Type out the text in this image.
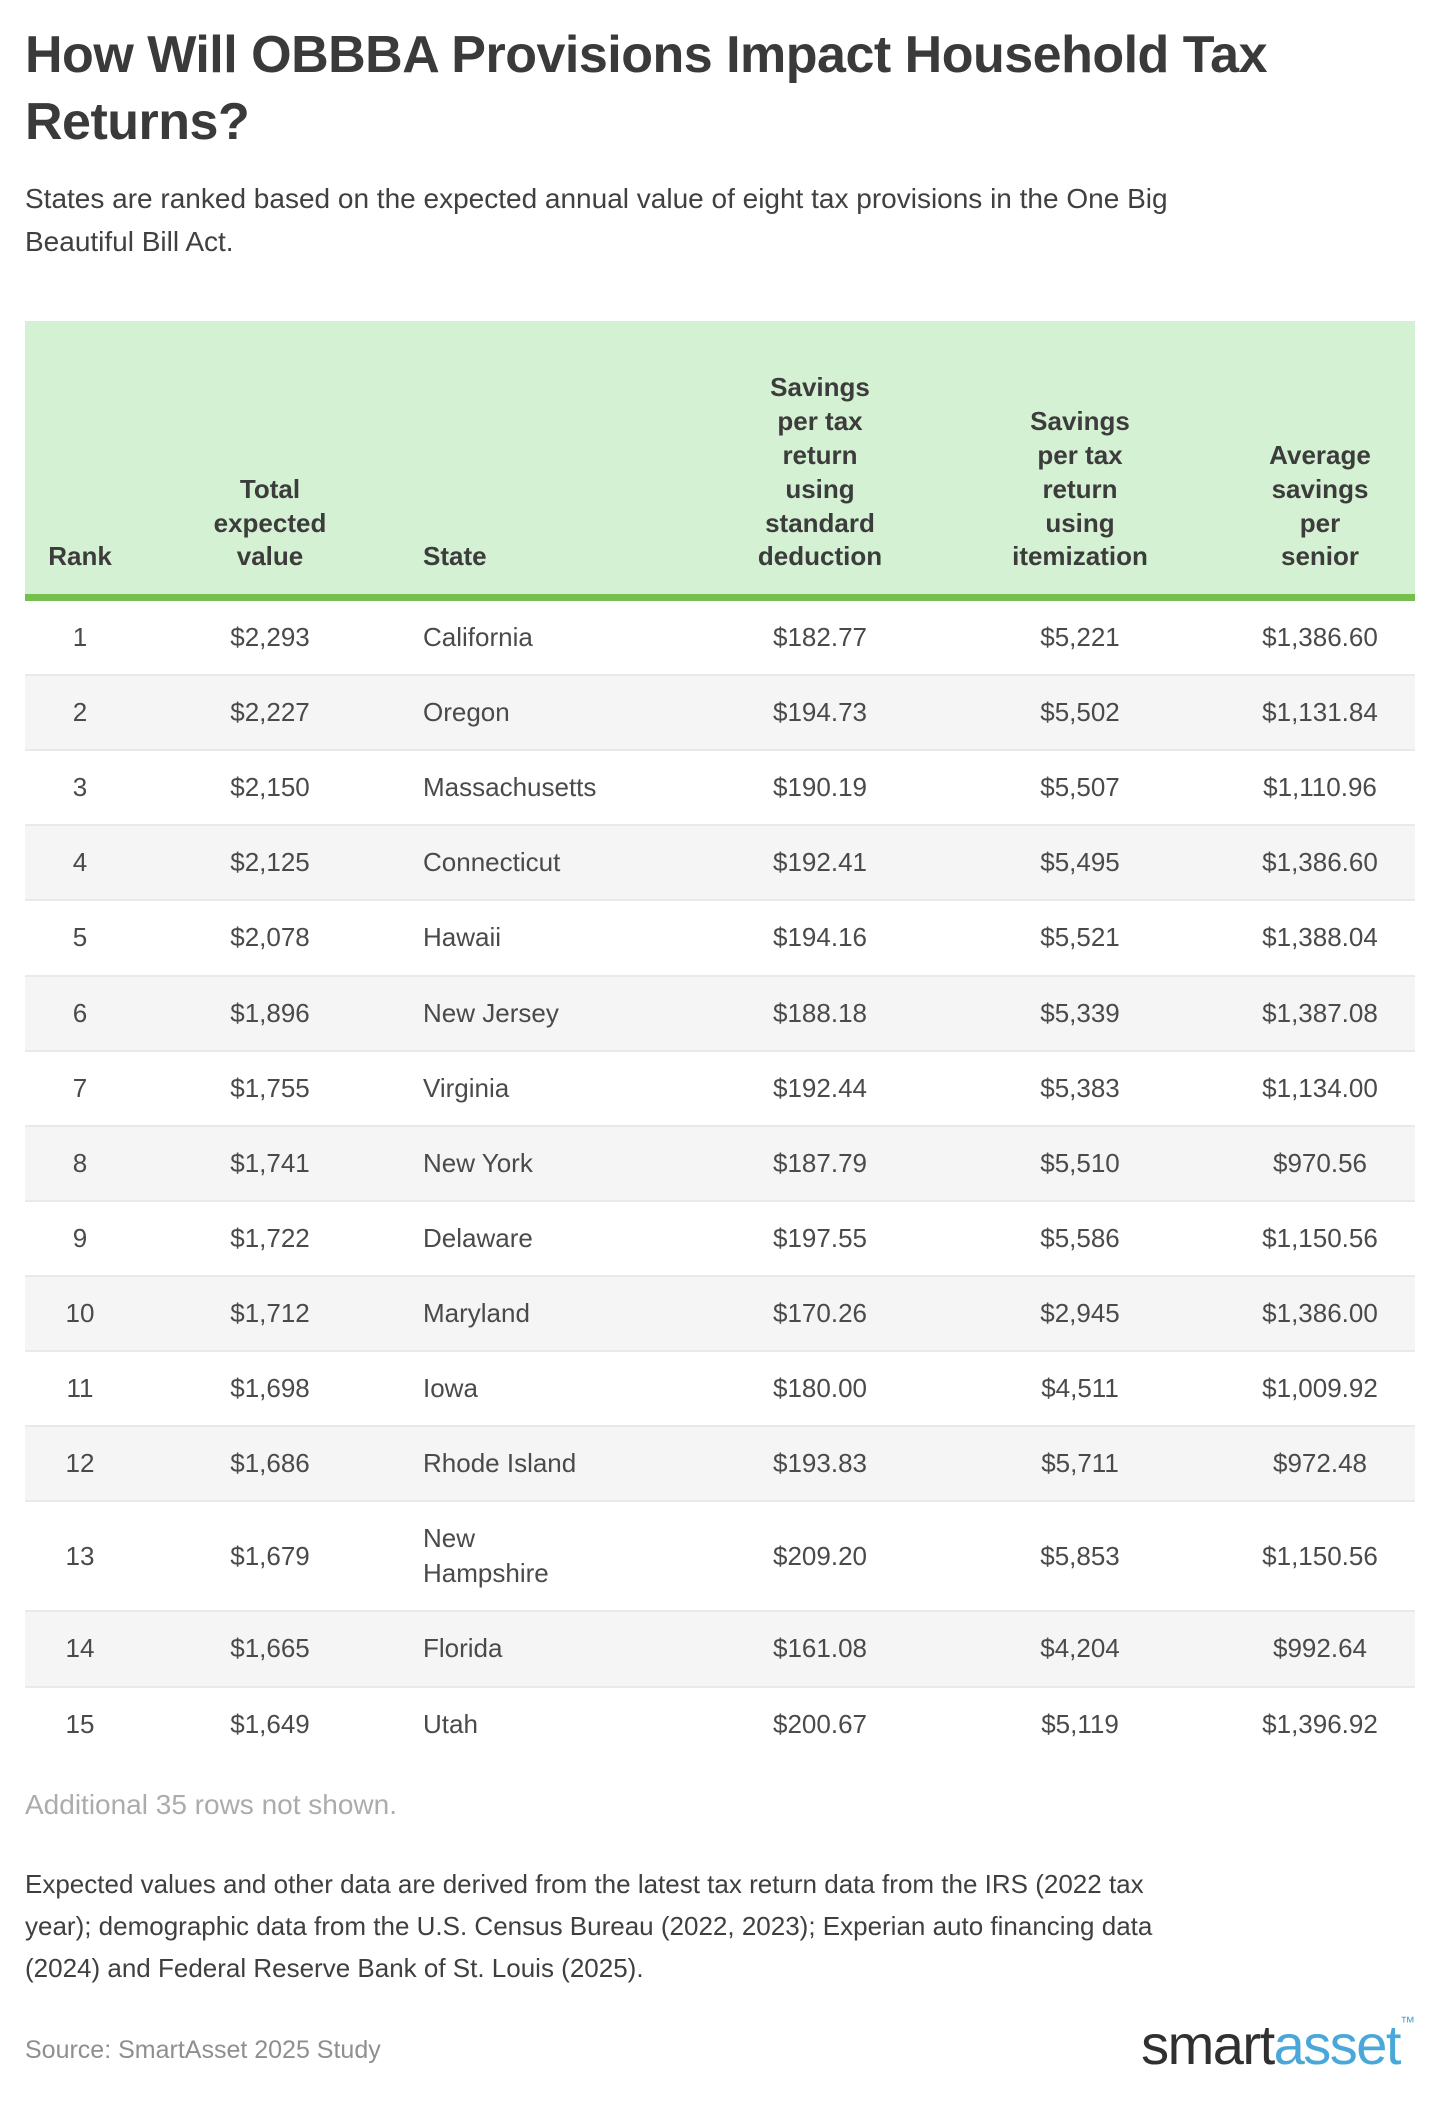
How Will OBBBA Provisions Impact Household Tax Returns?

States are ranked based on the expected annual value of eight tax provisions in the One Big Beautiful Bill Act.

Rank	Total expected value	State	Savings per tax return using standard deduction	Savings per tax return using itemization	Average savings per senior
1	$2,293	California	$182.77	$5,221	$1,386.60
2	$2,227	Oregon	$194.73	$5,502	$1,131.84
3	$2,150	Massachusetts	$190.19	$5,507	$1,110.96
4	$2,125	Connecticut	$192.41	$5,495	$1,386.60
5	$2,078	Hawaii	$194.16	$5,521	$1,388.04
6	$1,896	New Jersey	$188.18	$5,339	$1,387.08
7	$1,755	Virginia	$192.44	$5,383	$1,134.00
8	$1,741	New York	$187.79	$5,510	$970.56
9	$1,722	Delaware	$197.55	$5,586	$1,150.56
10	$1,712	Maryland	$170.26	$2,945	$1,386.00
11	$1,698	Iowa	$180.00	$4,511	$1,009.92
12	$1,686	Rhode Island	$193.83	$5,711	$972.48
13	$1,679	New Hampshire	$209.20	$5,853	$1,150.56
14	$1,665	Florida	$161.08	$4,204	$992.64
15	$1,649	Utah	$200.67	$5,119	$1,396.92

Additional 35 rows not shown.

Expected values and other data are derived from the latest tax return data from the IRS (2022 tax year); demographic data from the U.S. Census Bureau (2022, 2023); Experian auto financing data (2024) and Federal Reserve Bank of St. Louis (2025).

Source: SmartAsset 2025 Study	smartasset™
